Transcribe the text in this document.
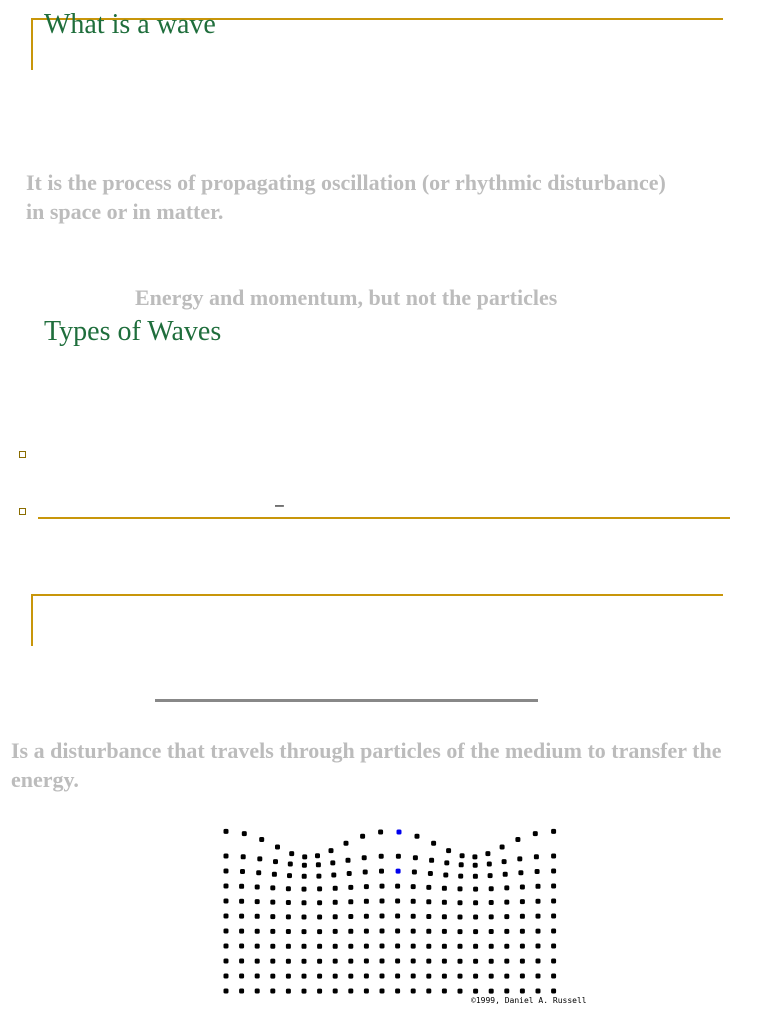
What is a wave
It is the process of propagating oscillation (or rhythmic disturbance) in space or in matter.
Energy and momentum, but not the particles
Types of Waves
–
Is a disturbance that travels through particles of the medium to transfer the energy.
©1999, Daniel A. Russell
